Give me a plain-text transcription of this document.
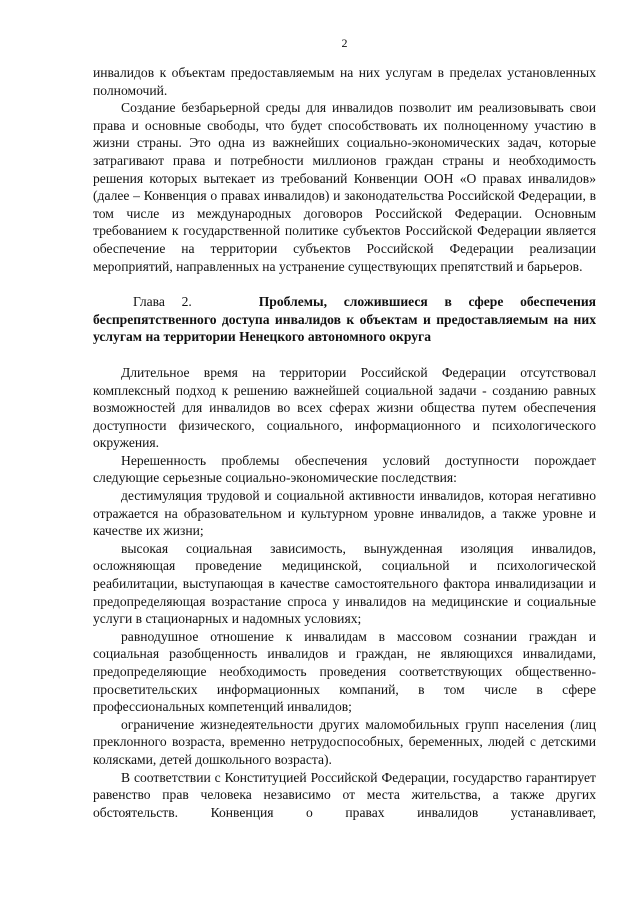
2

инвалидов к объектам предоставляемым на них услугам в пределах установленных полномочий.

Создание безбарьерной среды для инвалидов позволит им реализовывать свои права и основные свободы, что будет способствовать их полноценному участию в жизни страны. Это одна из важнейших социально-экономических задач, которые затрагивают права и потребности миллионов граждан страны и необходимость решения которых вытекает из требований Конвенции ООН «О правах инвалидов» (далее – Конвенция о правах инвалидов) и законодательства Российской Федерации, в том числе из международных договоров Российской Федерации. Основным требованием к государственной политике субъектов Российской Федерации является обеспечение на территории субъектов Российской Федерации реализации мероприятий, направленных на устранение существующих препятствий и барьеров.

Глава 2.	Проблемы, сложившиеся в сфере обеспечения беспрепятственного доступа инвалидов к объектам и предоставляемым на них услугам на территории Ненецкого автономного округа

Длительное время на территории Российской Федерации отсутствовал комплексный подход к решению важнейшей социальной задачи - созданию равных возможностей для инвалидов во всех сферах жизни общества путем обеспечения доступности физического, социального, информационного и психологического окружения.

Нерешенность проблемы обеспечения условий доступности порождает следующие серьезные социально-экономические последствия:

дестимуляция трудовой и социальной активности инвалидов, которая негативно отражается на образовательном и культурном уровне инвалидов, а также уровне и качестве их жизни;

высокая социальная зависимость, вынужденная изоляция инвалидов, осложняющая проведение медицинской, социальной и психологической реабилитации, выступающая в качестве самостоятельного фактора инвалидизации и предопределяющая возрастание спроса у инвалидов на медицинские и социальные услуги в стационарных и надомных условиях;

равнодушное отношение к инвалидам в массовом сознании граждан и социальная разобщенность инвалидов и граждан, не являющихся инвалидами, предопределяющие необходимость проведения соответствующих общественно-просветительских информационных компаний, в том числе в сфере профессиональных компетенций инвалидов;

ограничение жизнедеятельности других маломобильных групп населения (лиц преклонного возраста, временно нетрудоспособных, беременных, людей с детскими колясками, детей дошкольного возраста).

В соответствии с Конституцией Российской Федерации, государство гарантирует равенство прав человека независимо от места жительства, а также других обстоятельств. Конвенция о правах инвалидов устанавливает,
